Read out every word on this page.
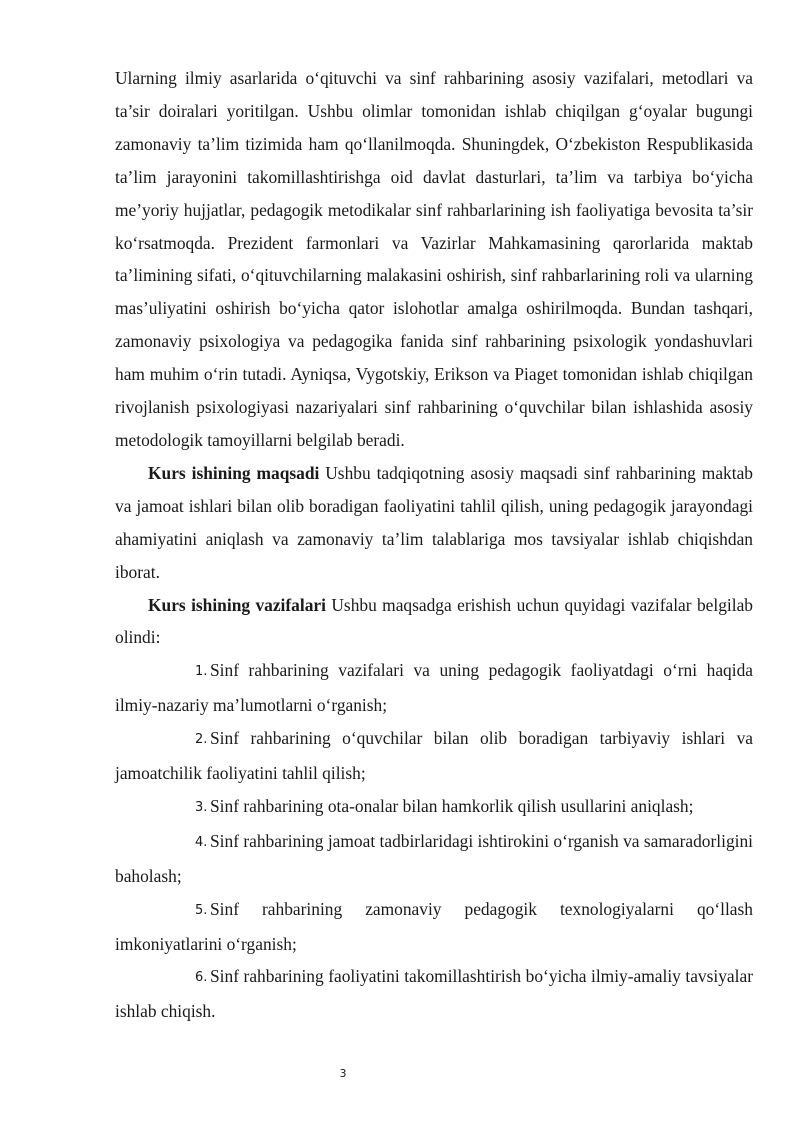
Ularning ilmiy asarlarida o‘qituvchi va sinf rahbarining asosiy vazifalari, metodlari va ta’sir doiralari yoritilgan. Ushbu olimlar tomonidan ishlab chiqilgan g‘oyalar bugungi zamonaviy ta’lim tizimida ham qo‘llanilmoqda. Shuningdek, O‘zbekiston Respublikasida ta’lim jarayonini takomillashtirishga oid davlat dasturlari, ta’lim va tarbiya bo‘yicha me’yoriy hujjatlar, pedagogik metodikalar sinf rahbarlarining ish faoliyatiga bevosita ta’sir ko‘rsatmoqda. Prezident farmonlari va Vazirlar Mahkamasining qarorlarida maktab ta’limining sifati, o‘qituvchilarning malakasini oshirish, sinf rahbarlarining roli va ularning mas’uliyatini oshirish bo‘yicha qator islohotlar amalga oshirilmoqda. Bundan tashqari, zamonaviy psixologiya va pedagogika fanida sinf rahbarining psixologik yondashuvlari ham muhim o‘rin tutadi. Ayniqsa, Vygotskiy, Erikson va Piaget tomonidan ishlab chiqilgan rivojlanish psixologiyasi nazariyalari sinf rahbarining o‘quvchilar bilan ishlashida asosiy metodologik tamoyillarni belgilab beradi.

Kurs ishining maqsadi Ushbu tadqiqotning asosiy maqsadi sinf rahbarining maktab va jamoat ishlari bilan olib boradigan faoliyatini tahlil qilish, uning pedagogik jarayondagi ahamiyatini aniqlash va zamonaviy ta’lim talablariga mos tavsiyalar ishlab chiqishdan iborat.

Kurs ishining vazifalari Ushbu maqsadga erishish uchun quyidagi vazifalar belgilab olindi:

1. Sinf rahbarining vazifalari va uning pedagogik faoliyatdagi o‘rni haqida ilmiy-nazariy ma’lumotlarni o‘rganish;

2. Sinf rahbarining o‘quvchilar bilan olib boradigan tarbiyaviy ishlari va jamoatchilik faoliyatini tahlil qilish;

3. Sinf rahbarining ota-onalar bilan hamkorlik qilish usullarini aniqlash;

4. Sinf rahbarining jamoat tadbirlaridagi ishtirokini o‘rganish va samaradorligini baholash;

5. Sinf rahbarining zamonaviy pedagogik texnologiyalarni qo‘llash imkoniyatlarini o‘rganish;

6. Sinf rahbarining faoliyatini takomillashtirish bo‘yicha ilmiy-amaliy tavsiyalar ishlab chiqish.

3
